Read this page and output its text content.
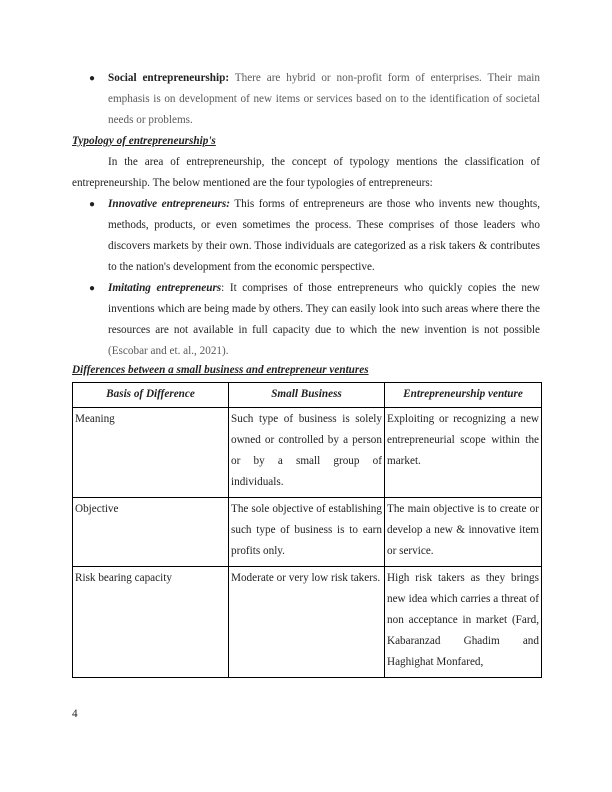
● Social entrepreneurship: There are hybrid or non-profit form of enterprises. Their main emphasis is on development of new items or services based on to the identification of societal needs or problems.
Typology of entrepreneurship's
In the area of entrepreneurship, the concept of typology mentions the classification of entrepreneurship. The below mentioned are the four typologies of entrepreneurs:
● Innovative entrepreneurs: This forms of entrepreneurs are those who invents new thoughts, methods, products, or even sometimes the process. These comprises of those leaders who discovers markets by their own. Those individuals are categorized as a risk takers & contributes to the nation's development from the economic perspective.
● Imitating entrepreneurs: It comprises of those entrepreneurs who quickly copies the new inventions which are being made by others. They can easily look into such areas where there the resources are not available in full capacity due to which the new invention is not possible (Escobar and et. al., 2021).
Differences between a small business and entrepreneur ventures
Basis of Difference	Small Business	Entrepreneurship venture
Meaning	Such type of business is solely owned or controlled by a person or by a small group of individuals.	Exploiting or recognizing a new entrepreneurial scope within the market.
Objective	The sole objective of establishing such type of business is to earn profits only.	The main objective is to create or develop a new & innovative item or service.
Risk bearing capacity	Moderate or very low risk takers.	High risk takers as they brings new idea which carries a threat of non acceptance in market (Fard, Kabaranzad Ghadim and Haghighat Monfared,
4
